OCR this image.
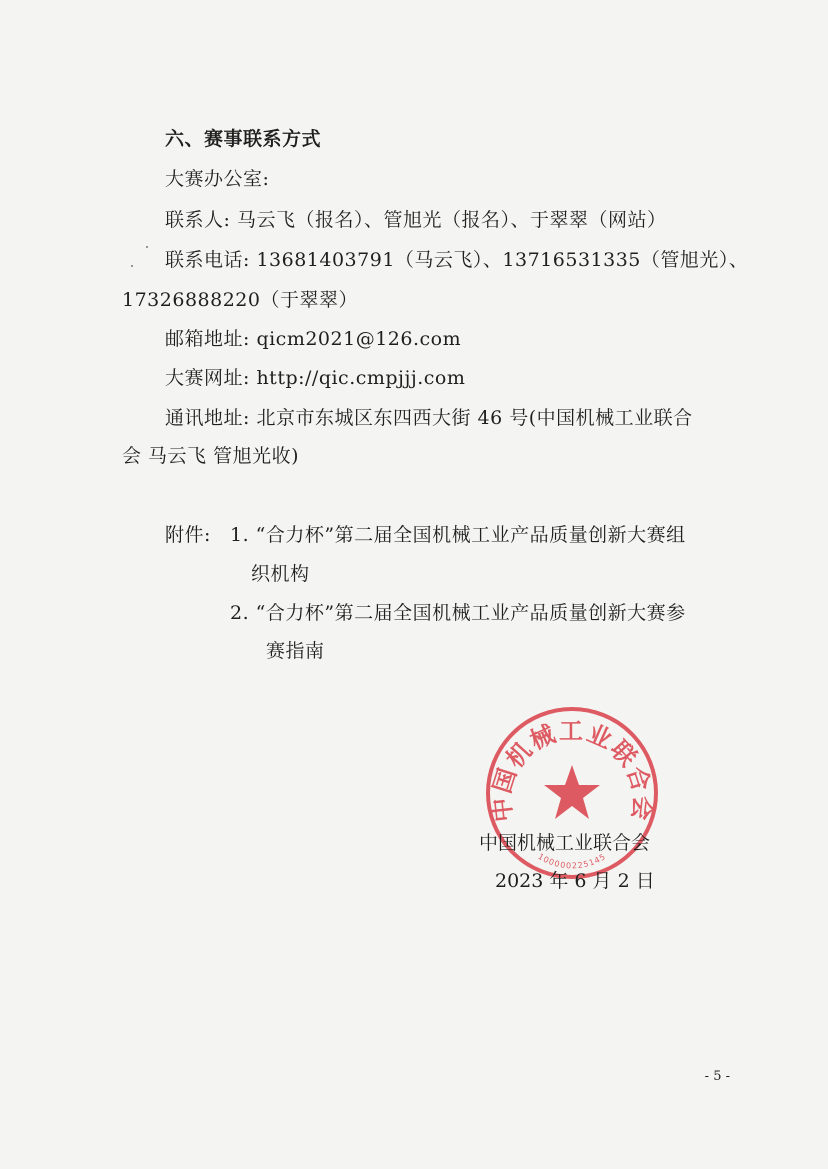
六、赛事联系方式
大赛办公室:
联系人: 马云飞（报名）、管旭光（报名）、于翠翠（网站）
联系电话: 13681403791（马云飞）、13716531335（管旭光）、
17326888220（于翠翠）
邮箱地址: qicm2021@126.com
大赛网址: http://qic.cmpjjj.com
通讯地址: 北京市东城区东四西大街 46 号(中国机械工业联合
会 马云飞 管旭光收)
附件: 1. “合力杯”第二届全国机械工业产品质量创新大赛组
织机构
2. “合力杯”第二届全国机械工业产品质量创新大赛参
赛指南
中国机械工业联合会
100000225145
中国机械工业联合会
2023 年 6 月 2 日
- 5 -
